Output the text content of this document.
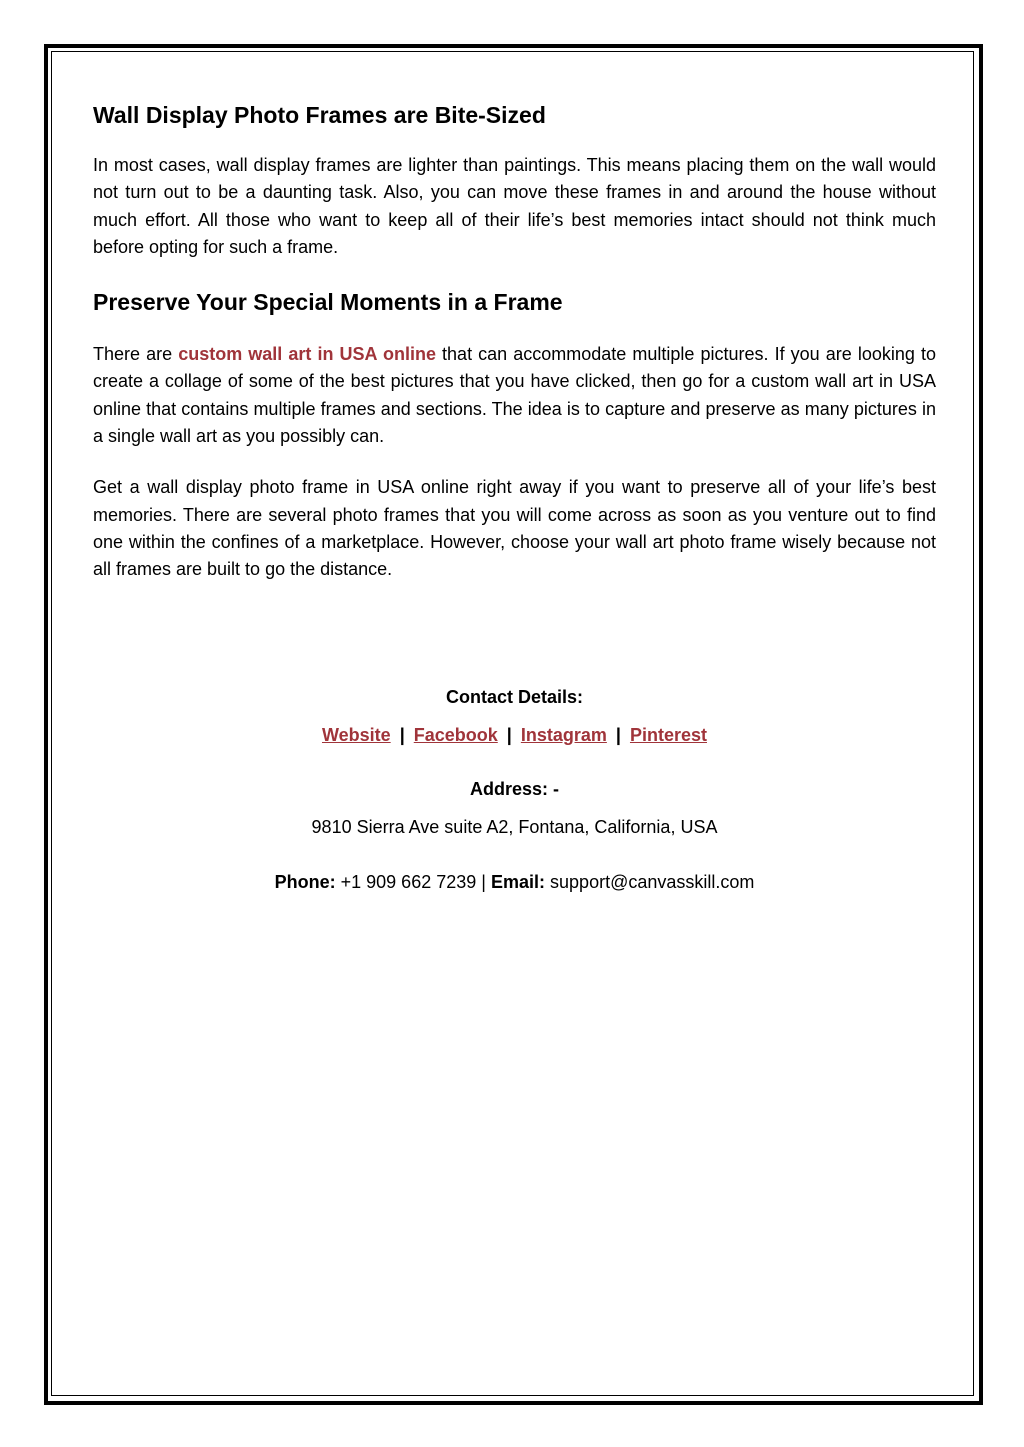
Wall Display Photo Frames are Bite-Sized

In most cases, wall display frames are lighter than paintings. This means placing them on the wall would not turn out to be a daunting task. Also, you can move these frames in and around the house without much effort. All those who want to keep all of their life’s best memories intact should not think much before opting for such a frame.

Preserve Your Special Moments in a Frame

There are custom wall art in USA online that can accommodate multiple pictures. If you are looking to create a collage of some of the best pictures that you have clicked, then go for a custom wall art in USA online that contains multiple frames and sections. The idea is to capture and preserve as many pictures in a single wall art as you possibly can.

Get a wall display photo frame in USA online right away if you want to preserve all of your life’s best memories. There are several photo frames that you will come across as soon as you venture out to find one within the confines of a marketplace. However, choose your wall art photo frame wisely because not all frames are built to go the distance.

Contact Details:
Website | Facebook | Instagram | Pinterest
Address: -
9810 Sierra Ave suite A2, Fontana, California, USA
Phone: +1 909 662 7239 | Email: support@canvasskill.com
